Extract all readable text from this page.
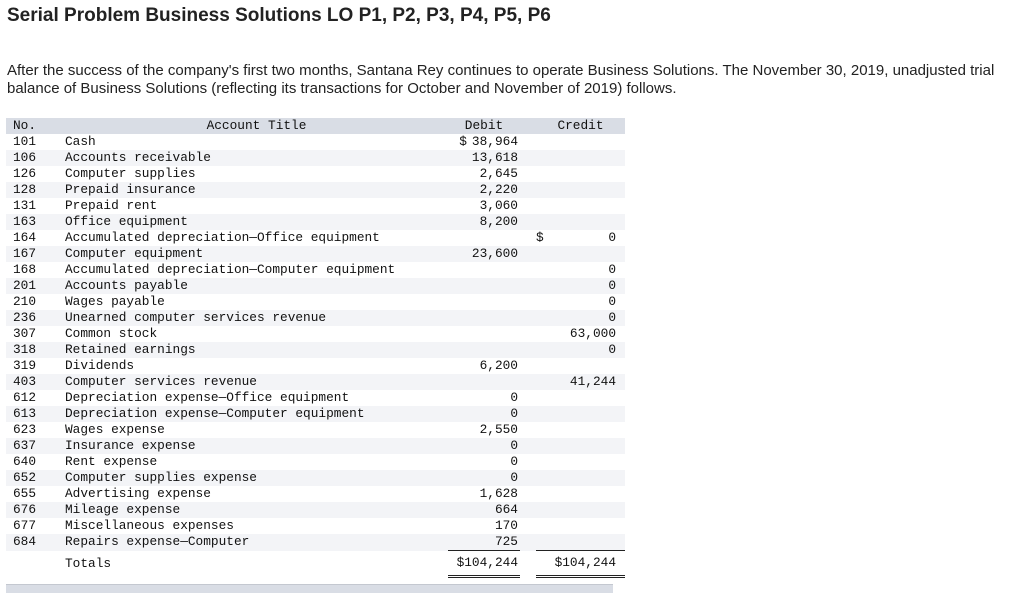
Serial Problem Business Solutions LO P1, P2, P3, P4, P5, P6
After the success of the company's first two months, Santana Rey continues to operate Business Solutions. The November 30, 2019, unadjusted trial balance of Business Solutions (reflecting its transactions for October and November of 2019) follows.
No.	Account Title	Debit		Credit
101	Cash	$ 38,964		
106	Accounts receivable	13,618		
126	Computer supplies	2,645		
128	Prepaid insurance	2,220		
131	Prepaid rent	3,060		
163	Office equipment	8,200		
164	Accumulated depreciation—Office equipment			$ 0
167	Computer equipment	23,600		
168	Accumulated depreciation—Computer equipment			0
201	Accounts payable			0
210	Wages payable			0
236	Unearned computer services revenue			0
307	Common stock			63,000
318	Retained earnings			0
319	Dividends	6,200		
403	Computer services revenue			41,244
612	Depreciation expense—Office equipment	0		
613	Depreciation expense—Computer equipment	0		
623	Wages expense	2,550		
637	Insurance expense	0		
640	Rent expense	0		
652	Computer supplies expense	0		
655	Advertising expense	1,628		
676	Mileage expense	664		
677	Miscellaneous expenses	170		
684	Repairs expense—Computer	725		
	Totals	$104,244		$104,244
